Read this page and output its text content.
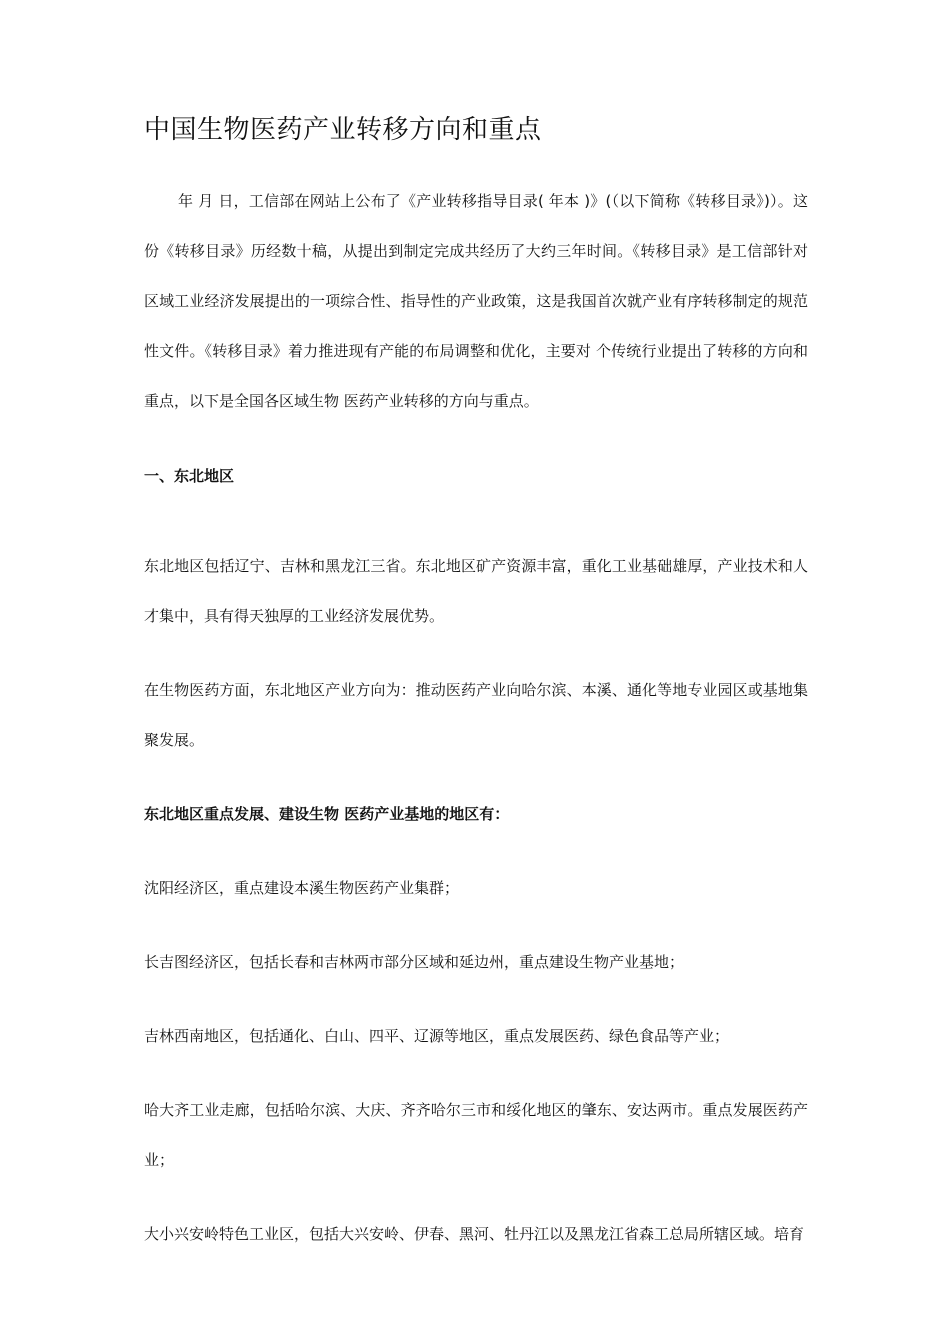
中国生物医药产业转移方向和重点

年 月 日，工信部在网站上公布了《产业转移指导目录( 年本 )》(（以下简称《转移目录》)）。这份《转移目录》历经数十稿，从提出到制定完成共经历了大约三年时间。《转移目录》是工信部针对区域工业经济发展提出的一项综合性、指导性的产业政策，这是我国首次就产业有序转移制定的规范性文件。《转移目录》着力推进现有产能的布局调整和优化，主要对 个传统行业提出了转移的方向和重点，以下是全国各区域生物 医药产业转移的方向与重点。

一、东北地区

东北地区包括辽宁、吉林和黑龙江三省。东北地区矿产资源丰富，重化工业基础雄厚，产业技术和人才集中，具有得天独厚的工业经济发展优势。

在生物医药方面，东北地区产业方向为：推动医药产业向哈尔滨、本溪、通化等地专业园区或基地集聚发展。

东北地区重点发展、建设生物 医药产业基地的地区有：

沈阳经济区，重点建设本溪生物医药产业集群；

长吉图经济区，包括长春和吉林两市部分区域和延边州，重点建设生物产业基地；

吉林西南地区，包括通化、白山、四平、辽源等地区，重点发展医药、绿色食品等产业；

哈大齐工业走廊，包括哈尔滨、大庆、齐齐哈尔三市和绥化地区的肇东、安达两市。重点发展医药产业；

大小兴安岭特色工业区，包括大兴安岭、伊春、黑河、牡丹江以及黑龙江省森工总局所辖区域。培育
